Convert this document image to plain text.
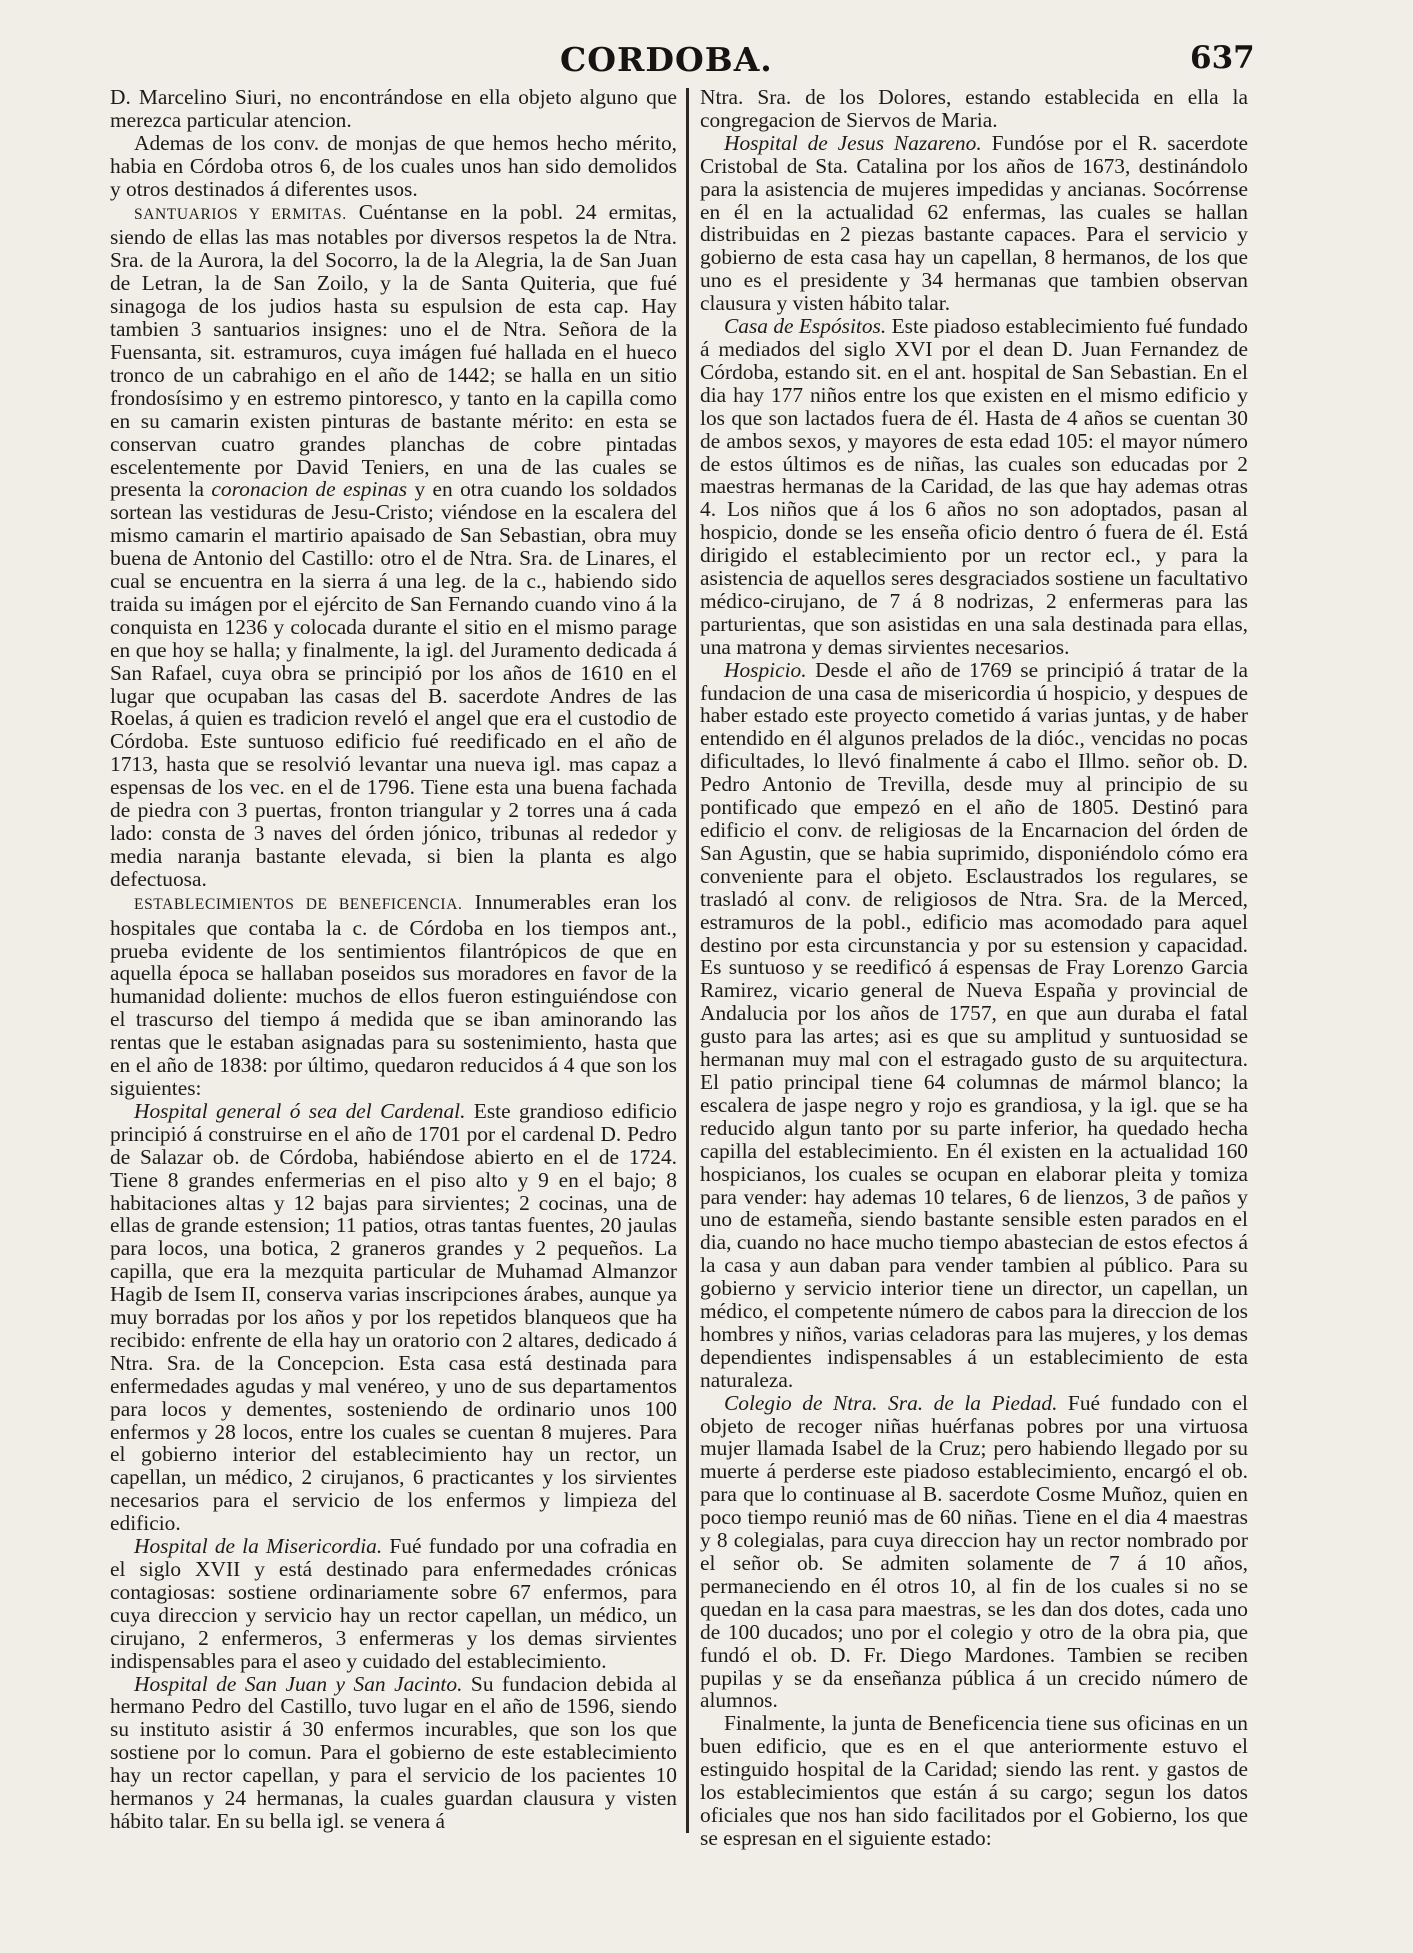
CORDOBA.	637

D. Marcelino Siuri, no encontrándose en ella objeto alguno que merezca particular atencion.

Ademas de los conv. de monjas de que hemos hecho mérito, habia en Córdoba otros 6, de los cuales unos han sido demolidos y otros destinados á diferentes usos.

SANTUARIOS Y ERMITAS. Cuéntanse en la pobl. 24 ermitas, siendo de ellas las mas notables por diversos respetos la de Ntra. Sra. de la Aurora, la del Socorro, la de la Alegria, la de San Juan de Letran, la de San Zoilo, y la de Santa Quiteria, que fué sinagoga de los judios hasta su espulsion de esta cap. Hay tambien 3 santuarios insignes: uno el de Ntra. Señora de la Fuensanta, sit. estramuros, cuya imágen fué hallada en el hueco tronco de un cabrahigo en el año de 1442; se halla en un sitio frondosísimo y en estremo pintoresco, y tanto en la capilla como en su camarin existen pinturas de bastante mérito: en esta se conservan cuatro grandes planchas de cobre pintadas escelentemente por David Teniers, en una de las cuales se presenta la coronacion de espinas y en otra cuando los soldados sortean las vestiduras de Jesu-Cristo; viéndose en la escalera del mismo camarin el martirio apaisado de San Sebastian, obra muy buena de Antonio del Castillo: otro el de Ntra. Sra. de Linares, el cual se encuentra en la sierra á una leg. de la c., habiendo sido traida su imágen por el ejército de San Fernando cuando vino á la conquista en 1236 y colocada durante el sitio en el mismo parage en que hoy se halla; y finalmente, la igl. del Juramento dedicada á San Rafael, cuya obra se principió por los años de 1610 en el lugar que ocupaban las casas del B. sacerdote Andres de las Roelas, á quien es tradicion reveló el angel que era el custodio de Córdoba. Este suntuoso edificio fué reedificado en el año de 1713, hasta que se resolvió levantar una nueva igl. mas capaz a espensas de los vec. en el de 1796. Tiene esta una buena fachada de piedra con 3 puertas, fronton triangular y 2 torres una á cada lado: consta de 3 naves del órden jónico, tribunas al rededor y media naranja bastante elevada, si bien la planta es algo defectuosa.

ESTABLECIMIENTOS DE BENEFICENCIA. Innumerables eran los hospitales que contaba la c. de Córdoba en los tiempos ant., prueba evidente de los sentimientos filantrópicos de que en aquella época se hallaban poseidos sus moradores en favor de la humanidad doliente: muchos de ellos fueron estinguiéndose con el trascurso del tiempo á medida que se iban aminorando las rentas que le estaban asignadas para su sostenimiento, hasta que en el año de 1838: por último, quedaron reducidos á 4 que son los siguientes:

Hospital general ó sea del Cardenal. Este grandioso edificio principió á construirse en el año de 1701 por el cardenal D. Pedro de Salazar ob. de Córdoba, habiéndose abierto en el de 1724. Tiene 8 grandes enfermerias en el piso alto y 9 en el bajo; 8 habitaciones altas y 12 bajas para sirvientes; 2 cocinas, una de ellas de grande estension; 11 patios, otras tantas fuentes, 20 jaulas para locos, una botica, 2 graneros grandes y 2 pequeños. La capilla, que era la mezquita particular de Muhamad Almanzor Hagib de Isem II, conserva varias inscripciones árabes, aunque ya muy borradas por los años y por los repetidos blanqueos que ha recibido: enfrente de ella hay un oratorio con 2 altares, dedicado á Ntra. Sra. de la Concepcion. Esta casa está destinada para enfermedades agudas y mal venéreo, y uno de sus departamentos para locos y dementes, sosteniendo de ordinario unos 100 enfermos y 28 locos, entre los cuales se cuentan 8 mujeres. Para el gobierno interior del establecimiento hay un rector, un capellan, un médico, 2 cirujanos, 6 practicantes y los sirvientes necesarios para el servicio de los enfermos y limpieza del edificio.

Hospital de la Misericordia. Fué fundado por una cofradia en el siglo XVII y está destinado para enfermedades crónicas contagiosas: sostiene ordinariamente sobre 67 enfermos, para cuya direccion y servicio hay un rector capellan, un médico, un cirujano, 2 enfermeros, 3 enfermeras y los demas sirvientes indispensables para el aseo y cuidado del establecimiento.

Hospital de San Juan y San Jacinto. Su fundacion debida al hermano Pedro del Castillo, tuvo lugar en el año de 1596, siendo su instituto asistir á 30 enfermos incurables, que son los que sostiene por lo comun. Para el gobierno de este establecimiento hay un rector capellan, y para el servicio de los pacientes 10 hermanos y 24 hermanas, la cuales guardan clausura y visten hábito talar. En su bella igl. se venera á

Ntra. Sra. de los Dolores, estando establecida en ella la congregacion de Siervos de Maria.

Hospital de Jesus Nazareno. Fundóse por el R. sacerdote Cristobal de Sta. Catalina por los años de 1673, destinándolo para la asistencia de mujeres impedidas y ancianas. Socórrense en él en la actualidad 62 enfermas, las cuales se hallan distribuidas en 2 piezas bastante capaces. Para el servicio y gobierno de esta casa hay un capellan, 8 hermanos, de los que uno es el presidente y 34 hermanas que tambien observan clausura y visten hábito talar.

Casa de Espósitos. Este piadoso establecimiento fué fundado á mediados del siglo XVI por el dean D. Juan Fernandez de Córdoba, estando sit. en el ant. hospital de San Sebastian. En el dia hay 177 niños entre los que existen en el mismo edificio y los que son lactados fuera de él. Hasta de 4 años se cuentan 30 de ambos sexos, y mayores de esta edad 105: el mayor número de estos últimos es de niñas, las cuales son educadas por 2 maestras hermanas de la Caridad, de las que hay ademas otras 4. Los niños que á los 6 años no son adoptados, pasan al hospicio, donde se les enseña oficio dentro ó fuera de él. Está dirigido el establecimiento por un rector ecl., y para la asistencia de aquellos seres desgraciados sostiene un facultativo médico-cirujano, de 7 á 8 nodrizas, 2 enfermeras para las parturientas, que son asistidas en una sala destinada para ellas, una matrona y demas sirvientes necesarios.

Hospicio. Desde el año de 1769 se principió á tratar de la fundacion de una casa de misericordia ú hospicio, y despues de haber estado este proyecto cometido á varias juntas, y de haber entendido en él algunos prelados de la dióc., vencidas no pocas dificultades, lo llevó finalmente á cabo el Illmo. señor ob. D. Pedro Antonio de Trevilla, desde muy al principio de su pontificado que empezó en el año de 1805. Destinó para edificio el conv. de religiosas de la Encarnacion del órden de San Agustin, que se habia suprimido, disponiéndolo cómo era conveniente para el objeto. Esclaustrados los regulares, se trasladó al conv. de religiosos de Ntra. Sra. de la Merced, estramuros de la pobl., edificio mas acomodado para aquel destino por esta circunstancia y por su estension y capacidad. Es suntuoso y se reedificó á espensas de Fray Lorenzo Garcia Ramirez, vicario general de Nueva España y provincial de Andalucia por los años de 1757, en que aun duraba el fatal gusto para las artes; asi es que su amplitud y suntuosidad se hermanan muy mal con el estragado gusto de su arquitectura. El patio principal tiene 64 columnas de mármol blanco; la escalera de jaspe negro y rojo es grandiosa, y la igl. que se ha reducido algun tanto por su parte inferior, ha quedado hecha capilla del establecimiento. En él existen en la actualidad 160 hospicianos, los cuales se ocupan en elaborar pleita y tomiza para vender: hay ademas 10 telares, 6 de lienzos, 3 de paños y uno de estameña, siendo bastante sensible esten parados en el dia, cuando no hace mucho tiempo abastecian de estos efectos á la casa y aun daban para vender tambien al público. Para su gobierno y servicio interior tiene un director, un capellan, un médico, el competente número de cabos para la direccion de los hombres y niños, varias celadoras para las mujeres, y los demas dependientes indispensables á un establecimiento de esta naturaleza.

Colegio de Ntra. Sra. de la Piedad. Fué fundado con el objeto de recoger niñas huérfanas pobres por una virtuosa mujer llamada Isabel de la Cruz; pero habiendo llegado por su muerte á perderse este piadoso establecimiento, encargó el ob. para que lo continuase al B. sacerdote Cosme Muñoz, quien en poco tiempo reunió mas de 60 niñas. Tiene en el dia 4 maestras y 8 colegialas, para cuya direccion hay un rector nombrado por el señor ob. Se admiten solamente de 7 á 10 años, permaneciendo en él otros 10, al fin de los cuales si no se quedan en la casa para maestras, se les dan dos dotes, cada uno de 100 ducados; uno por el colegio y otro de la obra pia, que fundó el ob. D. Fr. Diego Mardones. Tambien se reciben pupilas y se da enseñanza pública á un crecido número de alumnos.

Finalmente, la junta de Beneficencia tiene sus oficinas en un buen edificio, que es en el que anteriormente estuvo el estinguido hospital de la Caridad; siendo las rent. y gastos de los establecimientos que están á su cargo; segun los datos oficiales que nos han sido facilitados por el Gobierno, los que se espresan en el siguiente estado:
